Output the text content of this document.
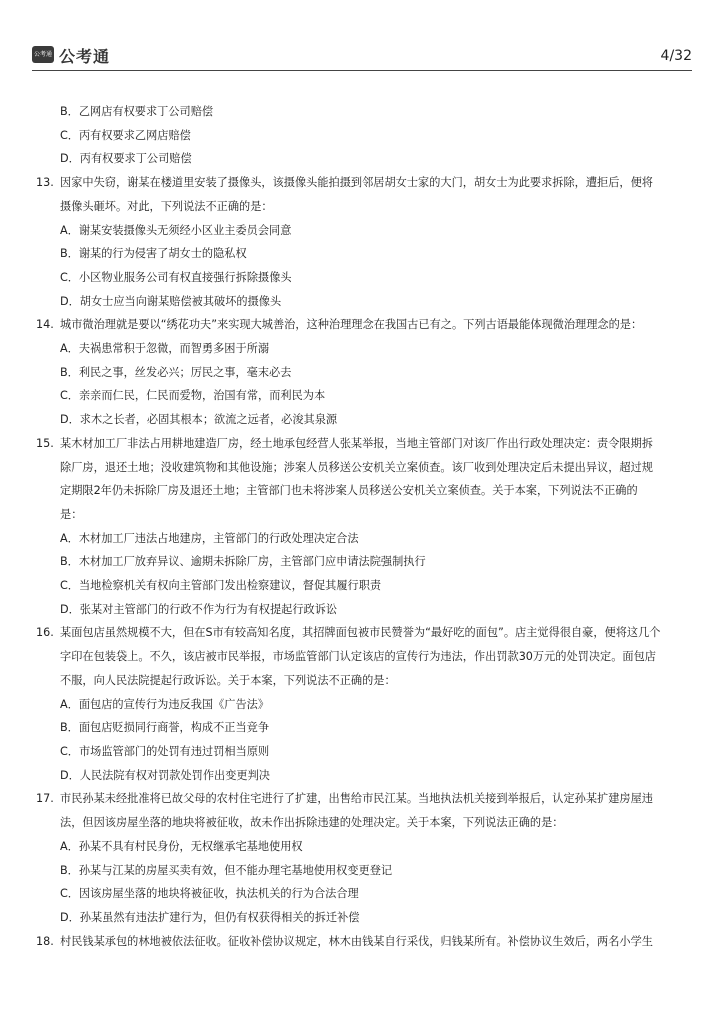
公考通 公考通	4/32
B．乙网店有权要求丁公司赔偿
C．丙有权要求乙网店赔偿
D．丙有权要求丁公司赔偿
13. 因家中失窃，谢某在楼道里安装了摄像头，该摄像头能拍摄到邻居胡女士家的大门，胡女士为此要求拆除，遭拒后，便将
摄像头砸坏。对此，下列说法不正确的是：
A．谢某安装摄像头无须经小区业主委员会同意
B．谢某的行为侵害了胡女士的隐私权
C．小区物业服务公司有权直接强行拆除摄像头
D．胡女士应当向谢某赔偿被其破坏的摄像头
14. 城市微治理就是要以“绣花功夫”来实现大城善治，这种治理理念在我国古已有之。下列古语最能体现微治理理念的是：
A．夫祸患常积于忽微，而智勇多困于所溺
B．利民之事，丝发必兴；厉民之事，毫末必去
C．亲亲而仁民，仁民而爱物，治国有常，而利民为本
D．求木之长者，必固其根本；欲流之远者，必浚其泉源
15. 某木材加工厂非法占用耕地建造厂房，经土地承包经营人张某举报，当地主管部门对该厂作出行政处理决定：责令限期拆
除厂房，退还土地；没收建筑物和其他设施；涉案人员移送公安机关立案侦查。该厂收到处理决定后未提出异议，超过规
定期限2年仍未拆除厂房及退还土地；主管部门也未将涉案人员移送公安机关立案侦查。关于本案，下列说法不正确的
是：
A．木材加工厂违法占地建房，主管部门的行政处理决定合法
B．木材加工厂放弃异议、逾期未拆除厂房，主管部门应申请法院强制执行
C．当地检察机关有权向主管部门发出检察建议，督促其履行职责
D．张某对主管部门的行政不作为行为有权提起行政诉讼
16. 某面包店虽然规模不大，但在S市有较高知名度，其招牌面包被市民赞誉为“最好吃的面包”。店主觉得很自豪，便将这几个
字印在包装袋上。不久，该店被市民举报，市场监管部门认定该店的宣传行为违法，作出罚款30万元的处罚决定。面包店
不服，向人民法院提起行政诉讼。关于本案，下列说法不正确的是：
A．面包店的宣传行为违反我国《广告法》
B．面包店贬损同行商誉，构成不正当竞争
C．市场监管部门的处罚有违过罚相当原则
D．人民法院有权对罚款处罚作出变更判决
17. 市民孙某未经批准将已故父母的农村住宅进行了扩建，出售给市民江某。当地执法机关接到举报后，认定孙某扩建房屋违
法，但因该房屋坐落的地块将被征收，故未作出拆除违建的处理决定。关于本案，下列说法正确的是：
A．孙某不具有村民身份，无权继承宅基地使用权
B．孙某与江某的房屋买卖有效，但不能办理宅基地使用权变更登记
C．因该房屋坐落的地块将被征收，执法机关的行为合法合理
D．孙某虽然有违法扩建行为，但仍有权获得相关的拆迁补偿
18. 村民钱某承包的林地被依法征收。征收补偿协议规定，林木由钱某自行采伐，归钱某所有。补偿协议生效后，两名小学生
